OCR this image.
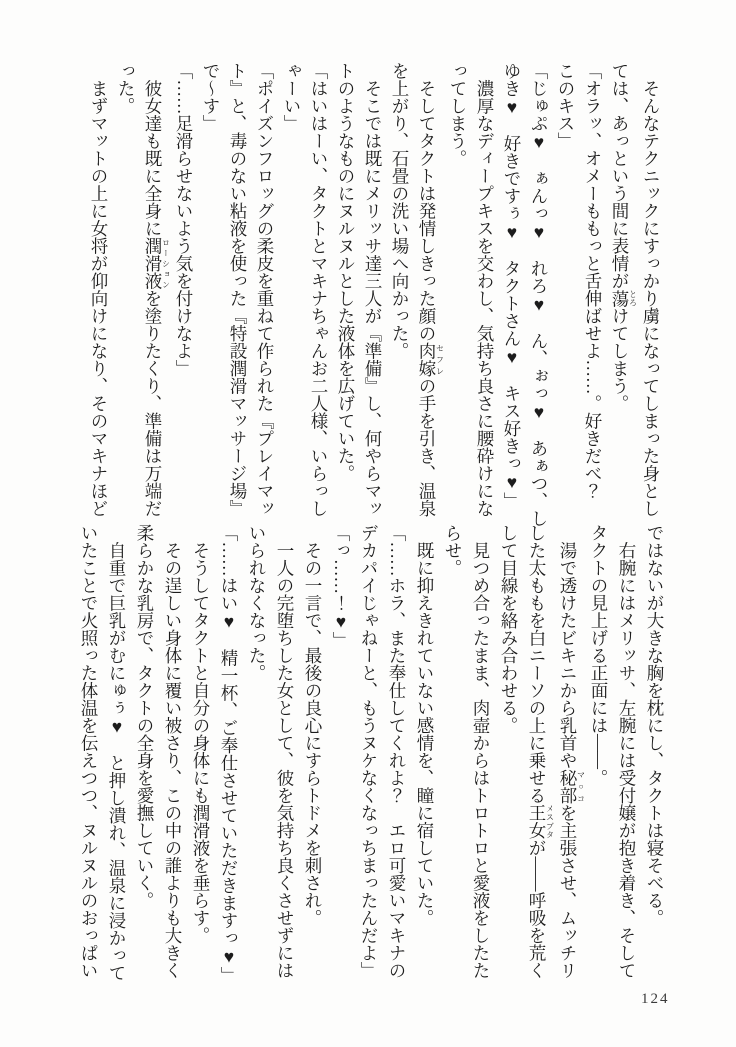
　そんなテクニックにすっかり虜になってしまった身とし

ては、あっという間に表情が蕩とろけてしまう。

「オラッ、オメーももっと舌伸ばせよ……。好きだべ？

このキス」

「じゅぷ♥　ぁんっ♥　れろ♥　ん、ぉっ♥　あぁつ、し

ゆき♥　好きですぅ♥　タクトさん♥　キス好きっ♥」

　濃厚なディープキスを交わし、気持ち良さに腰砕けにな

ってしまう。

　そしてタクトは発情しきった顔の肉嫁セフレの手を引き、温泉

を上がり、石畳の洗い場へ向かった。

　そこでは既にメリッサ達三人が『準備』し、何やらマッ

トのようなものにヌルヌルとした液体を広げていた。

「はいはーい、タクトとマキナちゃんお二人様、いらっし

ゃーい」

「ポイズンフロッグの柔皮を重ねて作られた『プレイマッ

ト』と、毒のない粘液を使った『特設潤滑マッサージ場』

で～す」

「……足滑らせないよう気を付けなよ」

　彼女達も既に全身に潤滑液ローションを塗りたくり、準備は万端だ

った。

　まずマットの上に女将が仰向けになり、そのマキナほど

ではないが大きな胸を枕にし、タクトは寝そべる。

　右腕にはメリッサ、左腕には受付嬢が抱き着き、そして

タクトの見上げる正面には――。

　湯で透けたビキニから乳首や秘部マ○コを主張させ、ムッチリ

した太ももを白ニーソの上に乗せる王女メスブタが――呼吸を荒く

して目線を絡み合わせる。

　見つめ合ったまま、肉壺からはトロトロと愛液をしたた

らせ。

　既に抑えきれていない感情を、瞳に宿していた。

「……ホラ、また奉仕してくれよ？　エロ可愛いマキナの

デカパイじゃねーと、もうヌケなくなっちまったんだよ」

「っ……！♥」

　その一言で、最後の良心にすらトドメを刺され。

　一人の完堕ちした女として、彼を気持ち良くさせずには

いられなくなった。

「……はい♥　精一杯、ご奉仕させていただきますっ♥」

　そうしてタクトと自分の身体にも潤滑液を垂らす。

　その逞しい身体に覆い被さり、この中の誰よりも大きく

柔らかな乳房で、タクトの全身を愛撫していく。

　自重で巨乳がむにゅぅ♥　と押し潰れ、温泉に浸かって

いたことで火照った体温を伝えつつ、ヌルヌルのおっぱい

124
